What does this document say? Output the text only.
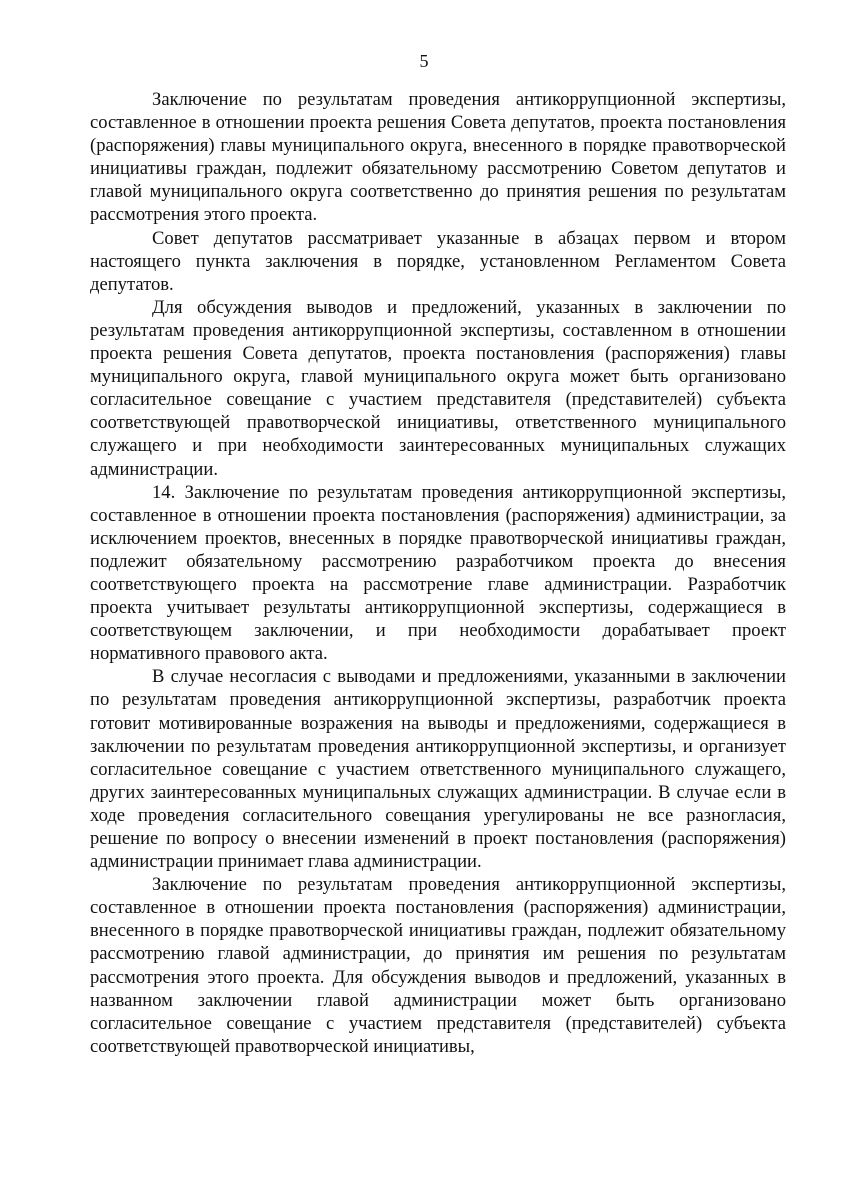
5

Заключение по результатам проведения антикоррупционной экспертизы, составленное в отношении проекта решения Совета депутатов, проекта постановления (распоряжения) главы муниципального округа, внесенного в порядке правотворческой инициативы граждан, подлежит обязательному рассмотрению Советом депутатов и главой муниципального округа соответственно до принятия решения по результатам рассмотрения этого проекта.

Совет депутатов рассматривает указанные в абзацах первом и втором настоящего пункта заключения в порядке, установленном Регламентом Совета депутатов.

Для обсуждения выводов и предложений, указанных в заключении по результатам проведения антикоррупционной экспертизы, составленном в отношении проекта решения Совета депутатов, проекта постановления (распоряжения) главы муниципального округа, главой муниципального округа может быть организовано согласительное совещание с участием представителя (представителей) субъекта соответствующей правотворческой инициативы, ответственного муниципального служащего и при необходимости заинтересованных муниципальных служащих администрации.

14. Заключение по результатам проведения антикоррупционной экспертизы, составленное в отношении проекта постановления (распоряжения) администрации, за исключением проектов, внесенных в порядке правотворческой инициативы граждан, подлежит обязательному рассмотрению разработчиком проекта до внесения соответствующего проекта на рассмотрение главе администрации. Разработчик проекта учитывает результаты антикоррупционной экспертизы, содержащиеся в соответствующем заключении, и при необходимости дорабатывает проект нормативного правового акта.

В случае несогласия с выводами и предложениями, указанными в заключении по результатам проведения антикоррупционной экспертизы, разработчик проекта готовит мотивированные возражения на выводы и предложениями, содержащиеся в заключении по результатам проведения антикоррупционной экспертизы, и организует согласительное совещание с участием ответственного муниципального служащего, других заинтересованных муниципальных служащих администрации. В случае если в ходе проведения согласительного совещания урегулированы не все разногласия, решение по вопросу о внесении изменений в проект постановления (распоряжения) администрации принимает глава администрации.

Заключение по результатам проведения антикоррупционной экспертизы, составленное в отношении проекта постановления (распоряжения) администрации, внесенного в порядке правотворческой инициативы граждан, подлежит обязательному рассмотрению главой администрации, до принятия им решения по результатам рассмотрения этого проекта. Для обсуждения выводов и предложений, указанных в названном заключении главой администрации может быть организовано согласительное совещание с участием представителя (представителей) субъекта соответствующей правотворческой инициативы,
